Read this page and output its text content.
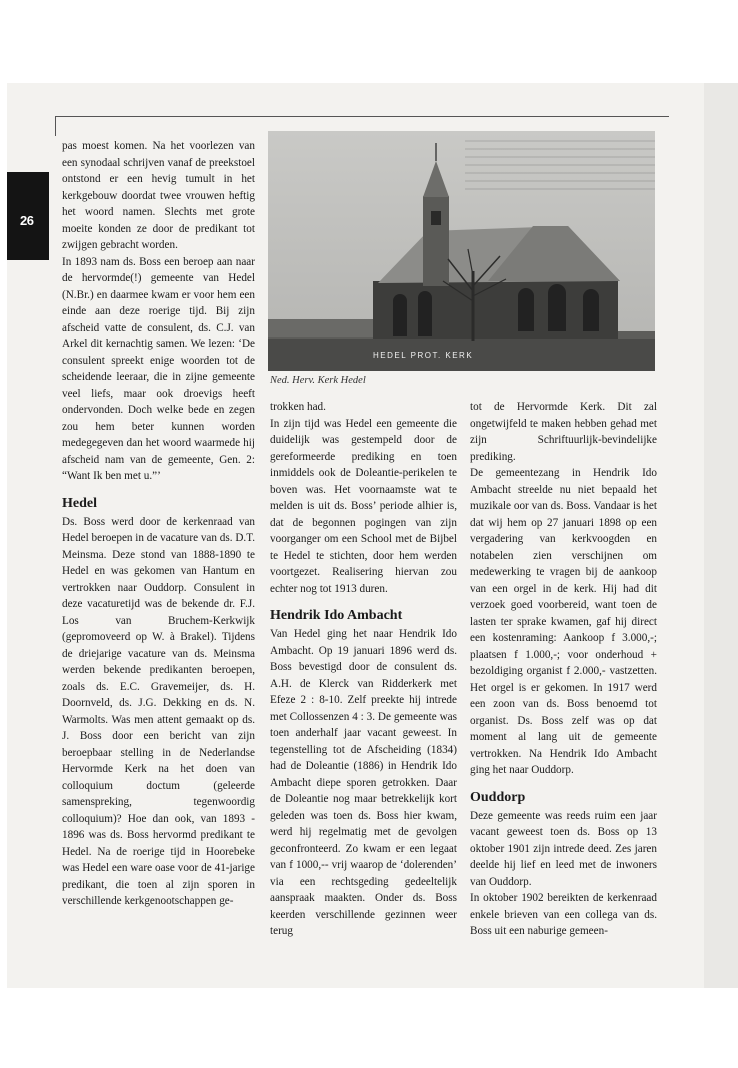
26
HEDEL PROT. KERK
Ned. Herv. Kerk Hedel

pas moest komen. Na het voorlezen van een synodaal schrijven vanaf de preekstoel ontstond er een hevig tumult in het kerkgebouw doordat twee vrouwen heftig het woord namen. Slechts met grote moeite konden ze door de predikant tot zwijgen gebracht worden.

In 1893 nam ds. Boss een beroep aan naar de hervormde(!) gemeente van Hedel (N.Br.) en daarmee kwam er voor hem een einde aan deze roerige tijd. Bij zijn afscheid vatte de consulent, ds. C.J. van Arkel dit kernachtig samen. We lezen: ‘De consulent spreekt enige woorden tot de scheidende leeraar, die in zijne gemeente veel liefs, maar ook droevigs heeft ondervonden. Doch welke bede en zegen zou hem beter kunnen worden medegegeven dan het woord waarmede hij afscheid nam van de gemeente, Gen. 2: “Want Ik ben met u.”’

Hedel

Ds. Boss werd door de kerkenraad van Hedel beroepen in de vacature van ds. D.T. Meinsma. Deze stond van 1888-1890 te Hedel en was gekomen van Hantum en vertrokken naar Ouddorp. Consulent in deze vacaturetijd was de bekende dr. F.J. Los van Bruchem-Kerkwijk (gepromoveerd op W. à Brakel). Tijdens de driejarige vacature van ds. Meinsma werden bekende predikanten beroepen, zoals ds. E.C. Gravemeijer, ds. H. Doornveld, ds. J.G. Dekking en ds. N. Warmolts. Was men attent gemaakt op ds. J. Boss door een bericht van zijn beroepbaar stelling in de Nederlandse Hervormde Kerk na het doen van colloquium doctum (geleerde samenspreking, tegenwoordig colloquium)? Hoe dan ook, van 1893 - 1896 was ds. Boss hervormd predikant te Hedel. Na de roerige tijd in Hoorebeke was Hedel een ware oase voor de 41-jarige predikant, die toen al zijn sporen in verschillende kerkgenootschappen ge-

trokken had.

In zijn tijd was Hedel een gemeente die duidelijk was gestempeld door de gereformeerde prediking en toen inmiddels ook de Doleantie-perikelen te boven was. Het voornaamste wat te melden is uit ds. Boss’ periode alhier is, dat de begonnen pogingen van zijn voorganger om een School met de Bijbel te Hedel te stichten, door hem werden voortgezet. Realisering hiervan zou echter nog tot 1913 duren.

Hendrik Ido Ambacht

Van Hedel ging het naar Hendrik Ido Ambacht. Op 19 januari 1896 werd ds. Boss bevestigd door de consulent ds. A.H. de Klerck van Ridderkerk met Efeze 2 : 8-10. Zelf preekte hij intrede met Collossenzen 4 : 3. De gemeente was toen anderhalf jaar vacant geweest. In tegenstelling tot de Afscheiding (1834) had de Doleantie (1886) in Hendrik Ido Ambacht diepe sporen getrokken. Daar de Doleantie nog maar betrekkelijk kort geleden was toen ds. Boss hier kwam, werd hij regelmatig met de gevolgen geconfronteerd. Zo kwam er een legaat van f 1000,-- vrij waarop de ‘dolerenden’ via een rechtsgeding gedeeltelijk aanspraak maakten. Onder ds. Boss keerden verschillende gezinnen weer terug

tot de Hervormde Kerk. Dit zal ongetwijfeld te maken hebben gehad met zijn Schriftuurlijk-bevindelijke prediking.

De gemeentezang in Hendrik Ido Ambacht streelde nu niet bepaald het muzikale oor van ds. Boss. Vandaar is het dat wij hem op 27 januari 1898 op een vergadering van kerkvoogden en notabelen zien verschijnen om medewerking te vragen bij de aankoop van een orgel in de kerk. Hij had dit verzoek goed voorbereid, want toen de lasten ter sprake kwamen, gaf hij direct een kostenraming: Aankoop f 3.000,-; plaatsen f 1.000,-; voor onderhoud + bezoldiging organist f 2.000,- vastzetten. Het orgel is er gekomen. In 1917 werd een zoon van ds. Boss benoemd tot organist. Ds. Boss zelf was op dat moment al lang uit de gemeente vertrokken. Na Hendrik Ido Ambacht ging het naar Ouddorp.

Ouddorp

Deze gemeente was reeds ruim een jaar vacant geweest toen ds. Boss op 13 oktober 1901 zijn intrede deed. Zes jaren deelde hij lief en leed met de inwoners van Ouddorp.

In oktober 1902 bereikten de kerkenraad enkele brieven van een collega van ds. Boss uit een naburige gemeen-
